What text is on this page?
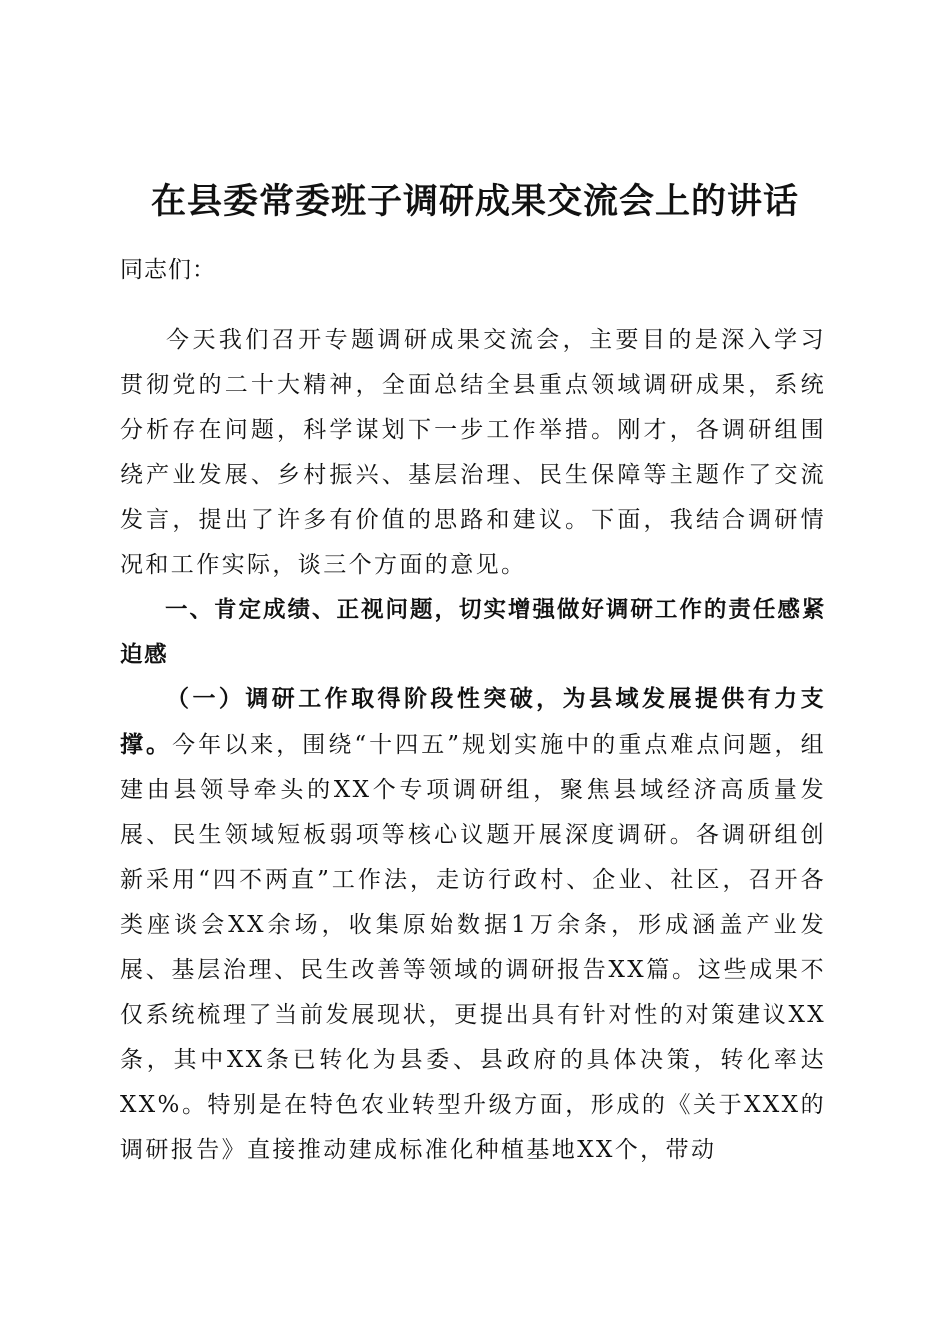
在县委常委班子调研成果交流会上的讲话

同志们：

今天我们召开专题调研成果交流会，主要目的是深入学习贯彻党的二十大精神，全面总结全县重点领域调研成果，系统分析存在问题，科学谋划下一步工作举措。刚才，各调研组围绕产业发展、乡村振兴、基层治理、民生保障等主题作了交流发言，提出了许多有价值的思路和建议。下面，我结合调研情况和工作实际，谈三个方面的意见。

一、肯定成绩、正视问题，切实增强做好调研工作的责任感紧迫感

（一）调研工作取得阶段性突破，为县域发展提供有力支撑。今年以来，围绕“十四五”规划实施中的重点难点问题，组建由县领导牵头的XX个专项调研组，聚焦县域经济高质量发展、民生领域短板弱项等核心议题开展深度调研。各调研组创新采用“四不两直”工作法，走访行政村、企业、社区，召开各类座谈会XX余场，收集原始数据1万余条，形成涵盖产业发展、基层治理、民生改善等领域的调研报告XX篇。这些成果不仅系统梳理了当前发展现状，更提出具有针对性的对策建议XX条，其中XX条已转化为县委、县政府的具体决策，转化率达XX%。特别是在特色农业转型升级方面，形成的《关于XXX的调研报告》直接推动建成标准化种植基地XX个，带动
